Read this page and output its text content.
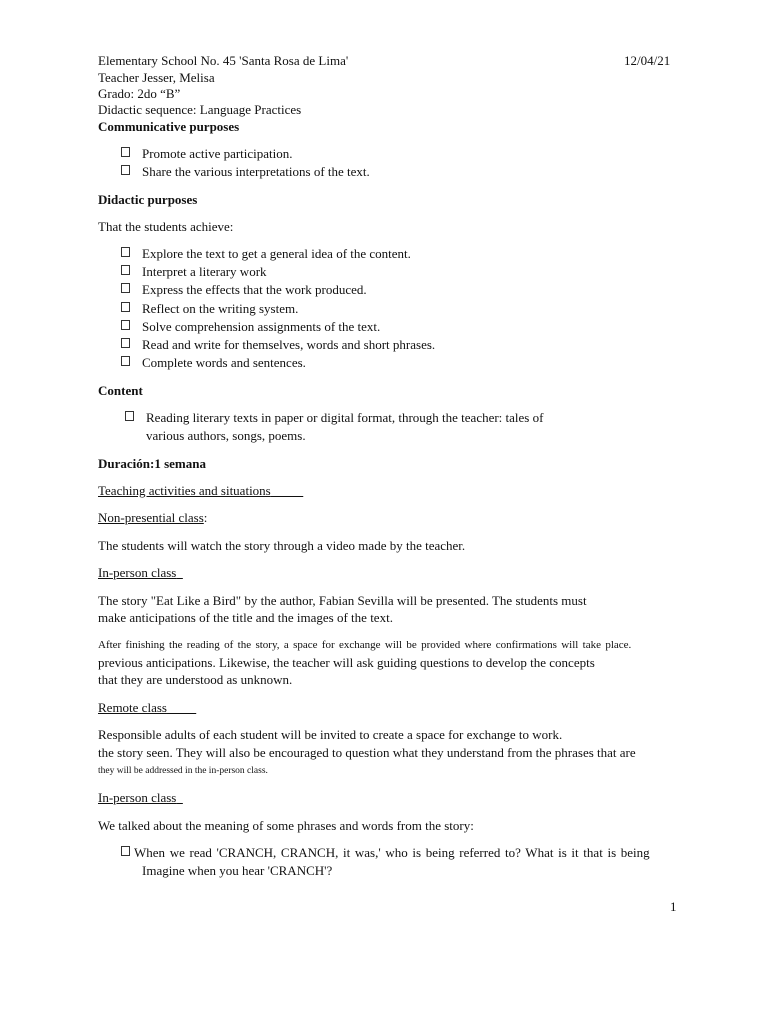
Elementary School No. 45 'Santa Rosa de Lima'	12/04/21
Teacher Jesser, Melisa
Grado: 2do “B”
Didactic sequence: Language Practices
Communicative purposes
Promote active participation.
Share the various interpretations of the text.
Didactic purposes
That the students achieve:
Explore the text to get a general idea of the content.
Interpret a literary work
Express the effects that the work produced.
Reflect on the writing system.
Solve comprehension assignments of the text.
Read and write for themselves, words and short phrases.
Complete words and sentences.
Content
Reading literary texts in paper or digital format, through the teacher: tales of
various authors, songs, poems.
Duración:1 semana
Teaching activities and situations
Non-presential class:
The students will watch the story through a video made by the teacher.
In-person class
The story "Eat Like a Bird" by the author, Fabian Sevilla will be presented. The students must
make anticipations of the title and the images of the text.
After finishing the reading of the story, a space for exchange will be provided where confirmations will take place.
previous anticipations. Likewise, the teacher will ask guiding questions to develop the concepts
that they are understood as unknown.
Remote class
Responsible adults of each student will be invited to create a space for exchange to work.
the story seen. They will also be encouraged to question what they understand from the phrases that are
they will be addressed in the in-person class.
In-person class
We talked about the meaning of some phrases and words from the story:
When we read 'CRANCH, CRANCH, it was,' who is being referred to? What is it that is being
Imagine when you hear 'CRANCH'?
1
